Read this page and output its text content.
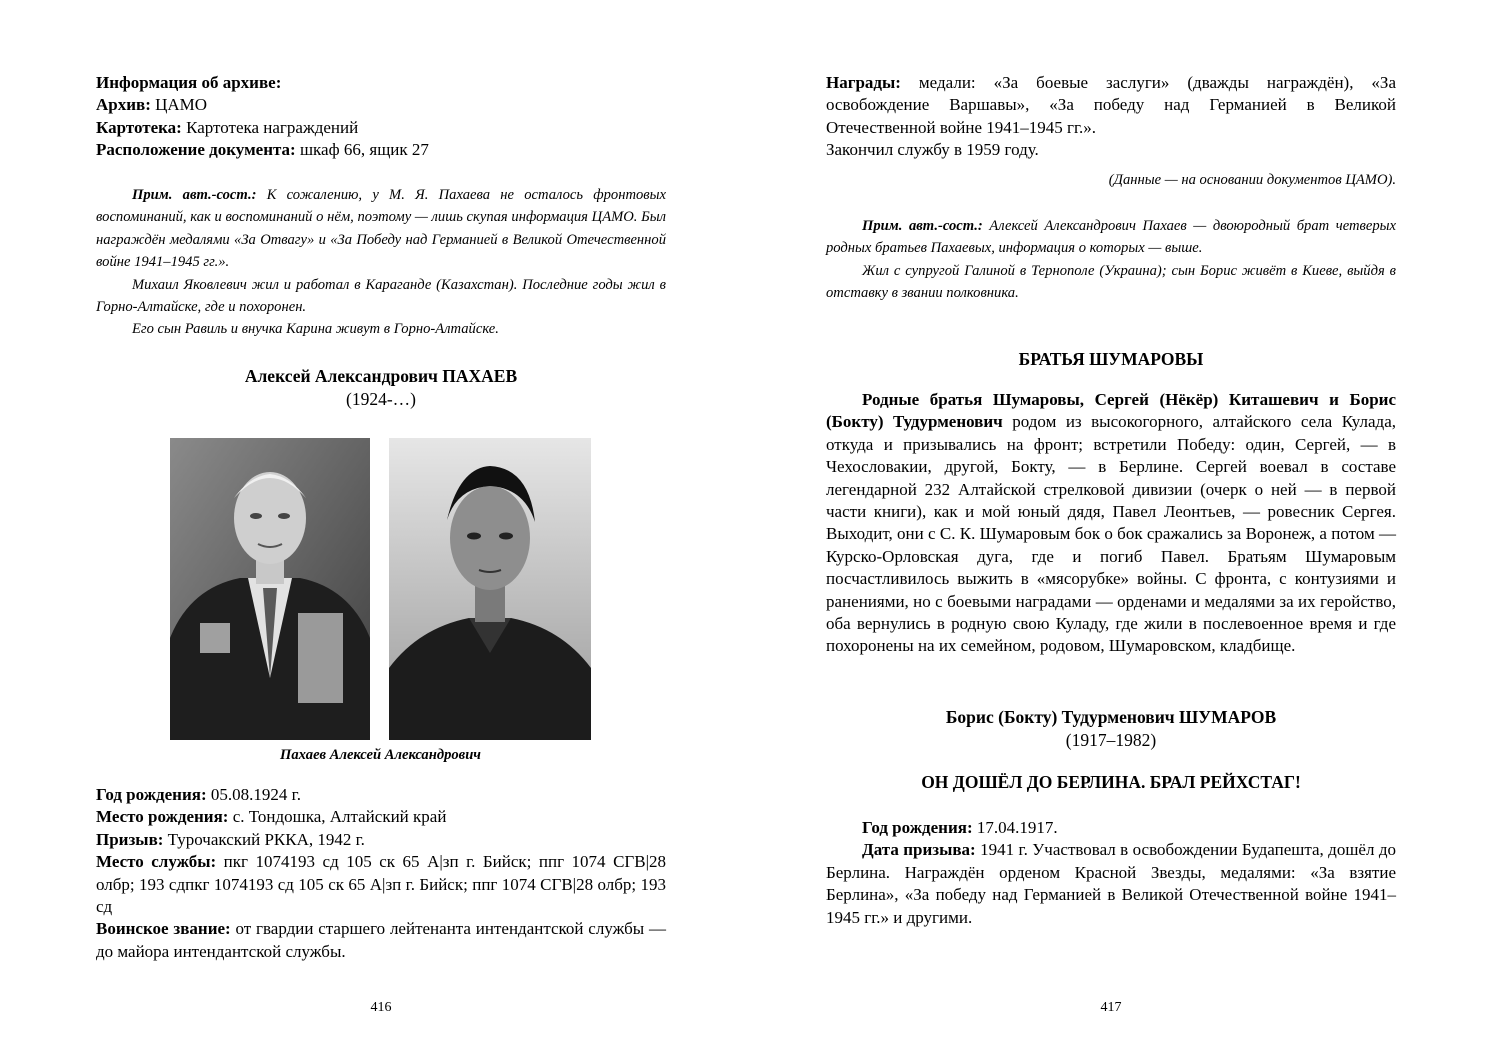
Информация об архиве:
Архив: ЦАМО
Картотека: Картотека награждений
Расположение документа: шкаф 66, ящик 27

Прим. авт.-сост.: К сожалению, у М. Я. Пахаева не осталось фронтовых воспоминаний, как и воспоминаний о нём, поэтому — лишь скупая информация ЦАМО. Был награждён медалями «За Отвагу» и «За Победу над Германией в Великой Отечественной войне 1941–1945 гг.».

Михаил Яковлевич жил и работал в Караганде (Казахстан). Последние годы жил в Горно-Алтайске, где и похоронен.

Его сын Равиль и внучка Карина живут в Горно-Алтайске.

Алексей Александрович ПАХАЕВ
(1924-…)
Пахаев Алексей Александрович
Год рождения: 05.08.1924 г.
Место рождения: с. Тондошка, Алтайский край
Призыв: Турочакский РККА, 1942 г.
Место службы: пкг 1074193 сд 105 ск 65 А|зп г. Бийск; ппг 1074 СГВ|28 олбр; 193 сдпкг 1074193 сд 105 ск 65 А|зп г. Бийск; ппг 1074 СГВ|28 олбр; 193 сд
Воинское звание: от гвардии старшего лейтенанта интендантской службы — до майора интендантской службы.
416
Награды: медали: «За боевые заслуги» (дважды награждён), «За освобождение Варшавы», «За победу над Германией в Великой Отечественной войне 1941–1945 гг.».
Закончил службу в 1959 году.
(Данные — на основании документов ЦАМО).

Прим. авт.-сост.: Алексей Александрович Пахаев — двоюродный брат четверых родных братьев Пахаевых, информация о которых — выше.

Жил с супругой Галиной в Тернополе (Украина); сын Борис живёт в Киеве, выйдя в отставку в звании полковника.

БРАТЬЯ ШУМАРОВЫ
Родные братья Шумаровы, Сергей (Нёкёр) Киташевич и Борис (Бокту) Тудурменович родом из высокогорного, алтайского села Кулада, откуда и призывались на фронт; встретили Победу: один, Сергей, — в Чехословакии, другой, Бокту, — в Берлине. Сергей воевал в составе легендарной 232 Алтайской стрелковой дивизии (очерк о ней — в первой части книги), как и мой юный дядя, Павел Леонтьев, — ровесник Сергея. Выходит, они с С. К. Шумаровым бок о бок сражались за Воронеж, а потом — Курско-Орловская дуга, где и погиб Павел. Братьям Шумаровым посчастливилось выжить в «мясорубке» войны. С фронта, с контузиями и ранениями, но с боевыми наградами — орденами и медалями за их геройство, оба вернулись в родную свою Куладу, где жили в послевоенное время и где похоронены на их семейном, родовом, Шумаровском, кладбище.
Борис (Бокту) Тудурменович ШУМАРОВ
(1917–1982)
ОН ДОШЁЛ ДО БЕРЛИНА. БРАЛ РЕЙХСТАГ!
Год рождения: 17.04.1917.
Дата призыва: 1941 г. Участвовал в освобождении Будапешта, дошёл до Берлина. Награждён орденом Красной Звезды, медалями: «За взятие Берлина», «За победу над Германией в Великой Отечественной войне 1941–1945 гг.» и другими.
417
